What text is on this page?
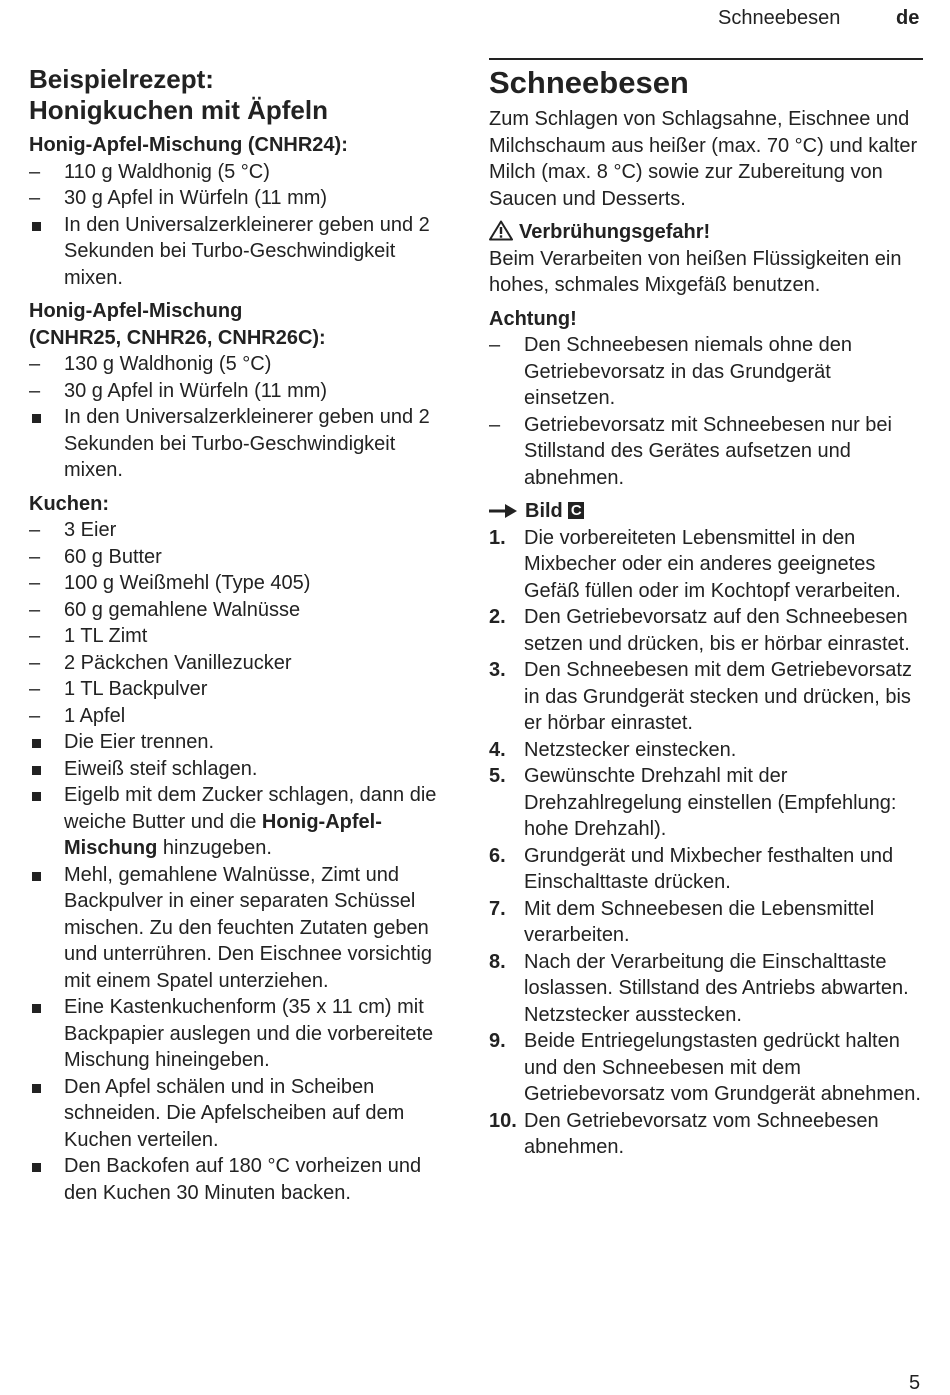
Schneebesen	de
Beispielrezept:
Honigkuchen mit Äpfeln
Honig-Apfel-Mischung (CNHR24):
– 110 g Waldhonig (5 °C)
– 30 g Apfel in Würfeln (11 mm)
In den Universalzerkleinerer geben und 2 Sekunden bei Turbo-Geschwindigkeit mixen.
Honig-Apfel-Mischung
(CNHR25, CNHR26, CNHR26C):
– 130 g Waldhonig (5 °C)
– 30 g Apfel in Würfeln (11 mm)
In den Universalzerkleinerer geben und 2 Sekunden bei Turbo-Geschwindigkeit mixen.
Kuchen:
– 3 Eier
– 60 g Butter
– 100 g Weißmehl (Type 405)
– 60 g gemahlene Walnüsse
– 1 TL Zimt
– 2 Päckchen Vanillezucker
– 1 TL Backpulver
– 1 Apfel
Die Eier trennen.
Eiweiß steif schlagen.
Eigelb mit dem Zucker schlagen, dann die weiche Butter und die Honig-Apfel-Mischung hinzugeben.
Mehl, gemahlene Walnüsse, Zimt und Backpulver in einer separaten Schüssel mischen. Zu den feuchten Zutaten geben und unterrühren. Den Eischnee vorsichtig mit einem Spatel unterziehen.
Eine Kastenkuchenform (35 x 11 cm) mit Backpapier auslegen und die vorbereitete Mischung hineingeben.
Den Apfel schälen und in Scheiben schneiden. Die Apfelscheiben auf dem Kuchen verteilen.
Den Backofen auf 180 °C vorheizen und den Kuchen 30 Minuten backen.
Schneebesen
Zum Schlagen von Schlagsahne, Eischnee und Milchschaum aus heißer (max. 70 °C) und kalter Milch (max. 8 °C) sowie zur Zubereitung von Saucen und Desserts.
Verbrühungsgefahr!
Beim Verarbeiten von heißen Flüssigkeiten ein hohes, schmales Mixgefäß benutzen.
Achtung!
– Den Schneebesen niemals ohne den Getriebevorsatz in das Grundgerät einsetzen.
– Getriebevorsatz mit Schneebesen nur bei Stillstand des Gerätes aufsetzen und abnehmen.
Bild C
1. Die vorbereiteten Lebensmittel in den Mixbecher oder ein anderes geeignetes Gefäß füllen oder im Kochtopf verarbeiten.
2. Den Getriebevorsatz auf den Schneebesen setzen und drücken, bis er hörbar einrastet.
3. Den Schneebesen mit dem Getriebevorsatz in das Grundgerät stecken und drücken, bis er hörbar einrastet.
4. Netzstecker einstecken.
5. Gewünschte Drehzahl mit der Drehzahlregelung einstellen (Empfehlung: hohe Drehzahl).
6. Grundgerät und Mixbecher festhalten und Einschalttaste drücken.
7. Mit dem Schneebesen die Lebensmittel verarbeiten.
8. Nach der Verarbeitung die Einschalttaste loslassen. Stillstand des Antriebs abwarten. Netzstecker ausstecken.
9. Beide Entriegelungstasten gedrückt halten und den Schneebesen mit dem Getriebevorsatz vom Grundgerät abnehmen.
10. Den Getriebevorsatz vom Schneebesen abnehmen.
5
